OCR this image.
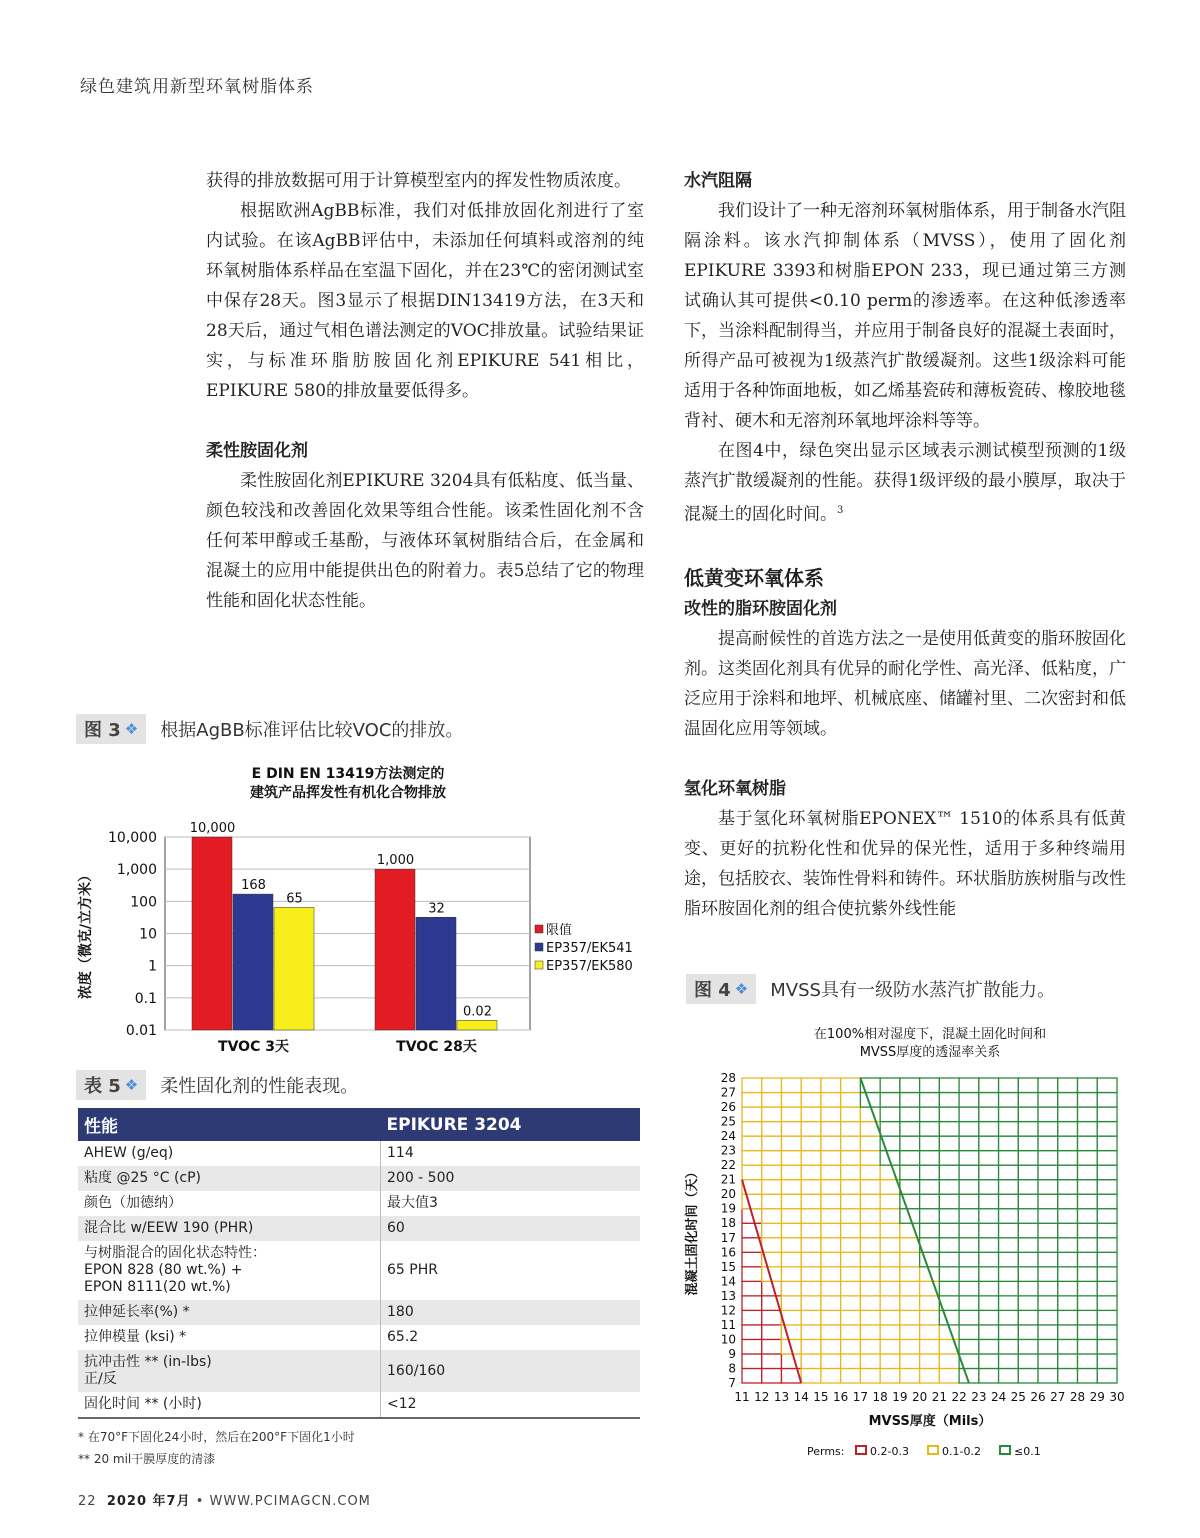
绿色建筑用新型环氧树脂体系

获得的排放数据可用于计算模型室内的挥发性物质浓度。

根据欧洲AgBB标准，我们对低排放固化剂进行了室内试验。在该AgBB评估中，未添加任何填料或溶剂的纯环氧树脂体系样品在室温下固化，并在23℃的密闭测试室中保存28天。图3显示了根据DIN13419方法，在3天和28天后，通过气相色谱法测定的VOC排放量。试验结果证实，与标准环脂肪胺固化剂EPIKURE 541相比，EPIKURE 580的排放量要低得多。

柔性胺固化剂

柔性胺固化剂EPIKURE 3204具有低粘度、低当量、颜色较浅和改善固化效果等组合性能。该柔性固化剂不含任何苯甲醇或壬基酚，与液体环氧树脂结合后，在金属和混凝土的应用中能提供出色的附着力。表5总结了它的物理性能和固化状态性能。

水汽阻隔

我们设计了一种无溶剂环氧树脂体系，用于制备水汽阻隔涂料。该水汽抑制体系（MVSS），使用了固化剂EPIKURE 3393和树脂EPON 233，现已通过第三方测试确认其可提供<0.10 perm的渗透率。在这种低渗透率下，当涂料配制得当，并应用于制备良好的混凝土表面时，所得产品可被视为1级蒸汽扩散缓凝剂。这些1级涂料可能适用于各种饰面地板，如乙烯基瓷砖和薄板瓷砖、橡胶地毯背衬、硬木和无溶剂环氧地坪涂料等等。

在图4中，绿色突出显示区域表示测试模型预测的1级蒸汽扩散缓凝剂的性能。获得1级评级的最小膜厚，取决于混凝土的固化时间。$^3$

低黄变环氧体系
改性的脂环胺固化剂

提高耐候性的首选方法之一是使用低黄变的脂环胺固化剂。这类固化剂具有优异的耐化学性、高光泽、低粘度，广泛应用于涂料和地坪、机械底座、储罐衬里、二次密封和低温固化应用等领域。

氢化环氧树脂

基于氢化环氧树脂EPONEX™ 1510的体系具有低黄变、更好的抗粉化性和优异的保光性，适用于多种终端用途，包括胶衣、装饰性骨料和铸件。环状脂肪族树脂与改性脂环胺固化剂的组合使抗紫外线性能

图 3 ❖ 根据AgBB标准评估比较VOC的排放。
E DIN EN 13419方法测定的
建筑产品挥发性有机化合物排放
10,000
1,000
100
10
1
0.1
0.01
浓度（微克/立方米）
10,000
168
65
TVOC 3天
1,000
32
0.02
TVOC 28天
限值
EP357/EK541
EP357/EK580
表 5 ❖ 柔性固化剂的性能表现。
性能	EPIKURE 3204
AHEW (g/eq)	114
粘度 @25 °C (cP)	200 - 500
颜色（加德纳）	最大值3
混合比 w/EEW 190 (PHR)	60

与树脂混合的固化状态特性：
EPON 828 (80 wt.%) +
EPON 8111(20 wt.%)	65 PHR
拉伸延长率(%) *	180
拉伸模量 (ksi) *	65.2

抗冲击性 ** (in-lbs)
正/反	160/160
固化时间 ** (小时)	<12
* 在70°F下固化24小时，然后在200°F下固化1小时
** 20 mil干膜厚度的清漆
图 4 ❖ MVSS具有一级防水蒸汽扩散能力。
在100%相对湿度下，混凝土固化时间和
MVSS厚度的透湿率关系
7
8
9
10
11
12
13
14
15
16
17
18
19
20
21
22
23
24
25
26
27
28
11 12 13 14 15 16 17 18 19 20 21 22 23 24 25 26 27 28 29 30
MVSS厚度（Mils）
混凝土固化时间（天）
Perms: 0.2-0.3	0.1-0.2	≤0.1
22 2020 年7月 • WWW.PCIMAGCN.COM
